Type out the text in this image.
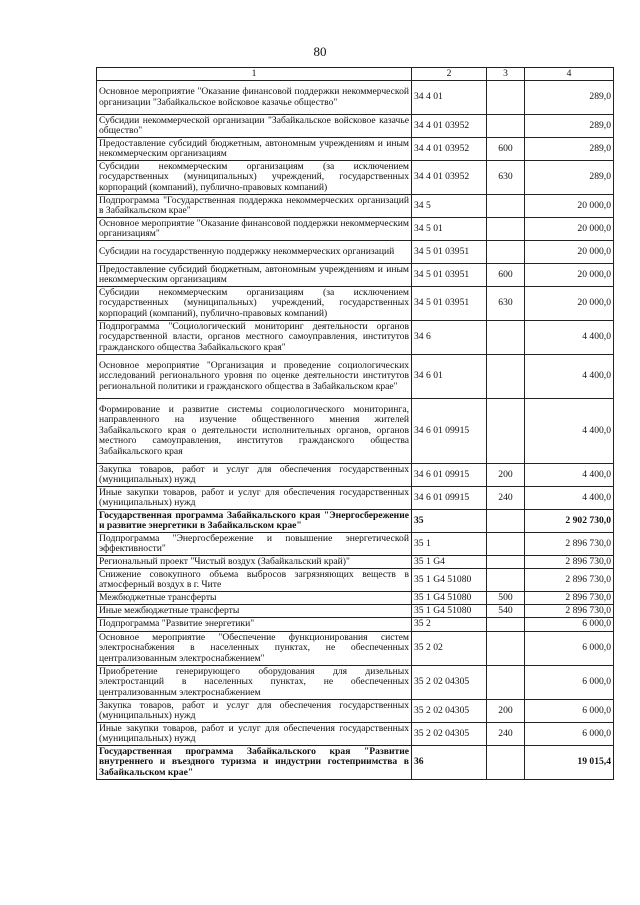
80
1	2	3	4
Основное мероприятие "Оказание финансовой поддержки некоммерческой организации "Забайкальское войсковое казачье общество"	34 4 01		289,0
Субсидии некоммерческой организации "Забайкальское войсковое казачье общество"	34 4 01 03952		289,0
Предоставление субсидий бюджетным, автономным учреждениям и иным некоммерческим организациям	34 4 01 03952	600	289,0
Субсидии некоммерческим организациям (за исключением государственных (муниципальных) учреждений, государственных корпораций (компаний), публично-правовых компаний)	34 4 01 03952	630	289,0
Подпрограмма "Государственная поддержка некоммерческих организаций в Забайкальском крае"	34 5		20 000,0
Основное мероприятие "Оказание финансовой поддержки некоммерческим организациям"	34 5 01		20 000,0
Субсидии на государственную поддержку некоммерческих организаций	34 5 01 03951		20 000,0
Предоставление субсидий бюджетным, автономным учреждениям и иным некоммерческим организациям	34 5 01 03951	600	20 000,0
Субсидии некоммерческим организациям (за исключением государственных (муниципальных) учреждений, государственных корпораций (компаний), публично-правовых компаний)	34 5 01 03951	630	20 000,0
Подпрограмма "Социологический мониторинг деятельности органов государственной власти, органов местного самоуправления, институтов гражданского общества Забайкальского края"	34 6		4 400,0
Основное мероприятие "Организация и проведение социологических исследований регионального уровня по оценке деятельности институтов региональной политики и гражданского общества в Забайкальском крае"	34 6 01		4 400,0
Формирование и развитие системы социологического мониторинга, направленного на изучение общественного мнения жителей Забайкальского края о деятельности исполнительных органов, органов местного самоуправления, институтов гражданского общества Забайкальского края	34 6 01 09915		4 400,0
Закупка товаров, работ и услуг для обеспечения государственных (муниципальных) нужд	34 6 01 09915	200	4 400,0
Иные закупки товаров, работ и услуг для обеспечения государственных (муниципальных) нужд	34 6 01 09915	240	4 400,0
Государственная программа Забайкальского края "Энергосбережение и развитие энергетики в Забайкальском крае"	35		2 902 730,0
Подпрограмма "Энергосбережение и повышение энергетической эффективности"	35 1		2 896 730,0
Региональный проект "Чистый воздух (Забайкальский край)"	35 1 G4		2 896 730,0
Снижение совокупного объема выбросов загрязняющих веществ в атмосферный воздух в г. Чите	35 1 G4 51080		2 896 730,0
Межбюджетные трансферты	35 1 G4 51080	500	2 896 730,0
Иные межбюджетные трансферты	35 1 G4 51080	540	2 896 730,0
Подпрограмма "Развитие энергетики"	35 2		6 000,0
Основное мероприятие "Обеспечение функционирования систем электроснабжения в населенных пунктах, не обеспеченных централизованным электроснабжением"	35 2 02		6 000,0
Приобретение генерирующего оборудования для дизельных электростанций в населенных пунктах, не обеспеченных централизованным электроснабжением	35 2 02 04305		6 000,0
Закупка товаров, работ и услуг для обеспечения государственных (муниципальных) нужд	35 2 02 04305	200	6 000,0
Иные закупки товаров, работ и услуг для обеспечения государственных (муниципальных) нужд	35 2 02 04305	240	6 000,0
Государственная программа Забайкальского края "Развитие внутреннего и въездного туризма и индустрии гостеприимства в Забайкальском крае"	36		19 015,4
